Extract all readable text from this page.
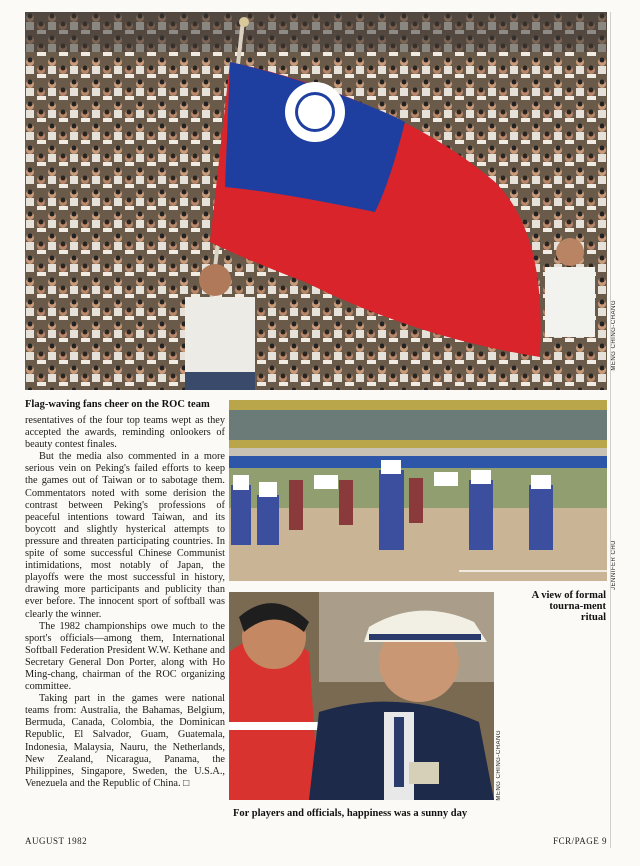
MENG CHING-CHANG
Flag-waving fans cheer on the ROC team
JENNIFER CHU
A view of formal tourna-ment ritual
MENG CHING-CHANG
For players and officials, happiness was a sunny day

resentatives of the four top teams wept as they accepted the awards, reminding onlookers of beauty contest finales.

But the media also commented in a more serious vein on Peking's failed efforts to keep the games out of Taiwan or to sabotage them. Commentators noted with some derision the contrast between Peking's professions of peaceful intentions toward Taiwan, and its boycott and slightly hysterical attempts to pressure and threaten participating countries. In spite of some successful Chinese Communist intimidations, most notably of Japan, the playoffs were the most successful in history, drawing more participants and publicity than ever before. The innocent sport of softball was clearly the winner.

The 1982 championships owe much to the sport's officials—among them, International Softball Federation President W.W. Kethane and Secretary General Don Porter, along with Ho Ming-chang, chairman of the ROC organizing committee.

Taking part in the games were national teams from: Australia, the Bahamas, Belgium, Bermuda, Canada, Colombia, the Dominican Republic, El Salvador, Guam, Guatemala, Indonesia, Malaysia, Nauru, the Netherlands, New Zealand, Nicaragua, Panama, the Philippines, Singapore, Sweden, the U.S.A., Venezuela and the Republic of China. □

AUGUST 1982	FCR/PAGE 9
